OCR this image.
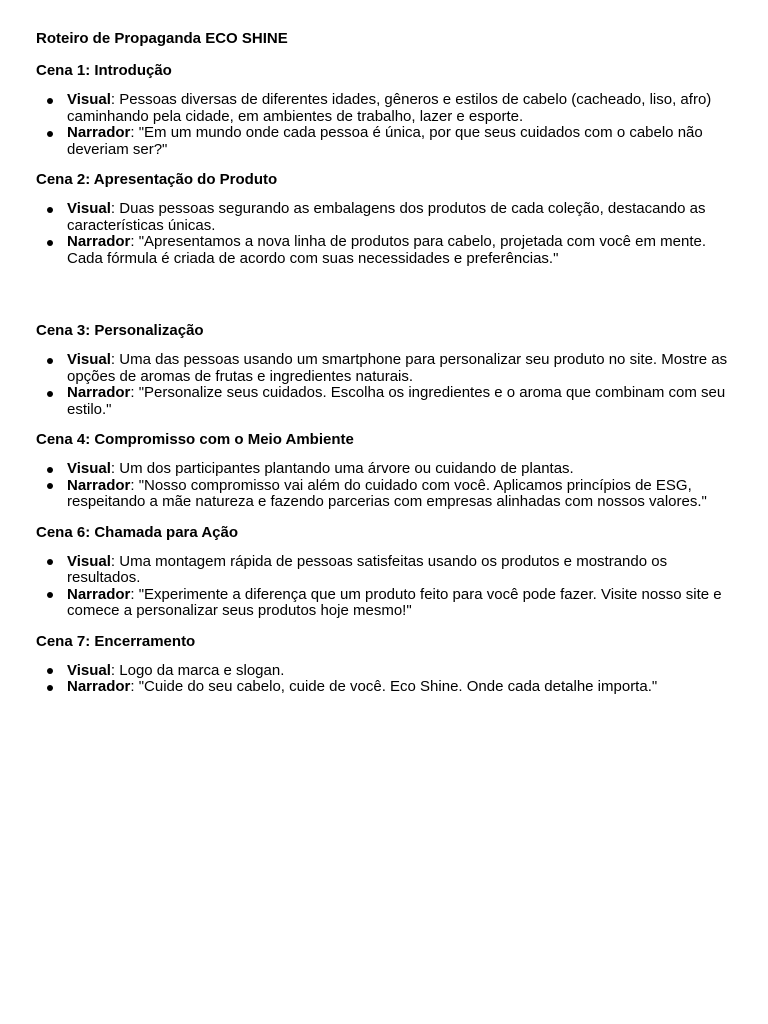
Roteiro de Propaganda ECO SHINE
Cena 1: Introdução
Visual: Pessoas diversas de diferentes idades, gêneros e estilos de cabelo (cacheado, liso, afro) caminhando pela cidade, em ambientes de trabalho, lazer e esporte.
Narrador: "Em um mundo onde cada pessoa é única, por que seus cuidados com o cabelo não deveriam ser?"
Cena 2: Apresentação do Produto
Visual: Duas pessoas segurando as embalagens dos produtos de cada coleção, destacando as características únicas.
Narrador: "Apresentamos a nova linha de produtos para cabelo, projetada com você em mente. Cada fórmula é criada de acordo com suas necessidades e preferências."
Cena 3: Personalização
Visual: Uma das pessoas usando um smartphone para personalizar seu produto no site. Mostre as opções de aromas de frutas e ingredientes naturais.
Narrador: "Personalize seus cuidados. Escolha os ingredientes e o aroma que combinam com seu estilo."
Cena 4: Compromisso com o Meio Ambiente
Visual: Um dos participantes plantando uma árvore ou cuidando de plantas.
Narrador: "Nosso compromisso vai além do cuidado com você. Aplicamos princípios de ESG, respeitando a mãe natureza e fazendo parcerias com empresas alinhadas com nossos valores."
Cena 6: Chamada para Ação
Visual: Uma montagem rápida de pessoas satisfeitas usando os produtos e mostrando os resultados.
Narrador: "Experimente a diferença que um produto feito para você pode fazer. Visite nosso site e comece a personalizar seus produtos hoje mesmo!"
Cena 7: Encerramento
Visual: Logo da marca e slogan.
Narrador: "Cuide do seu cabelo, cuide de você. Eco Shine. Onde cada detalhe importa."
